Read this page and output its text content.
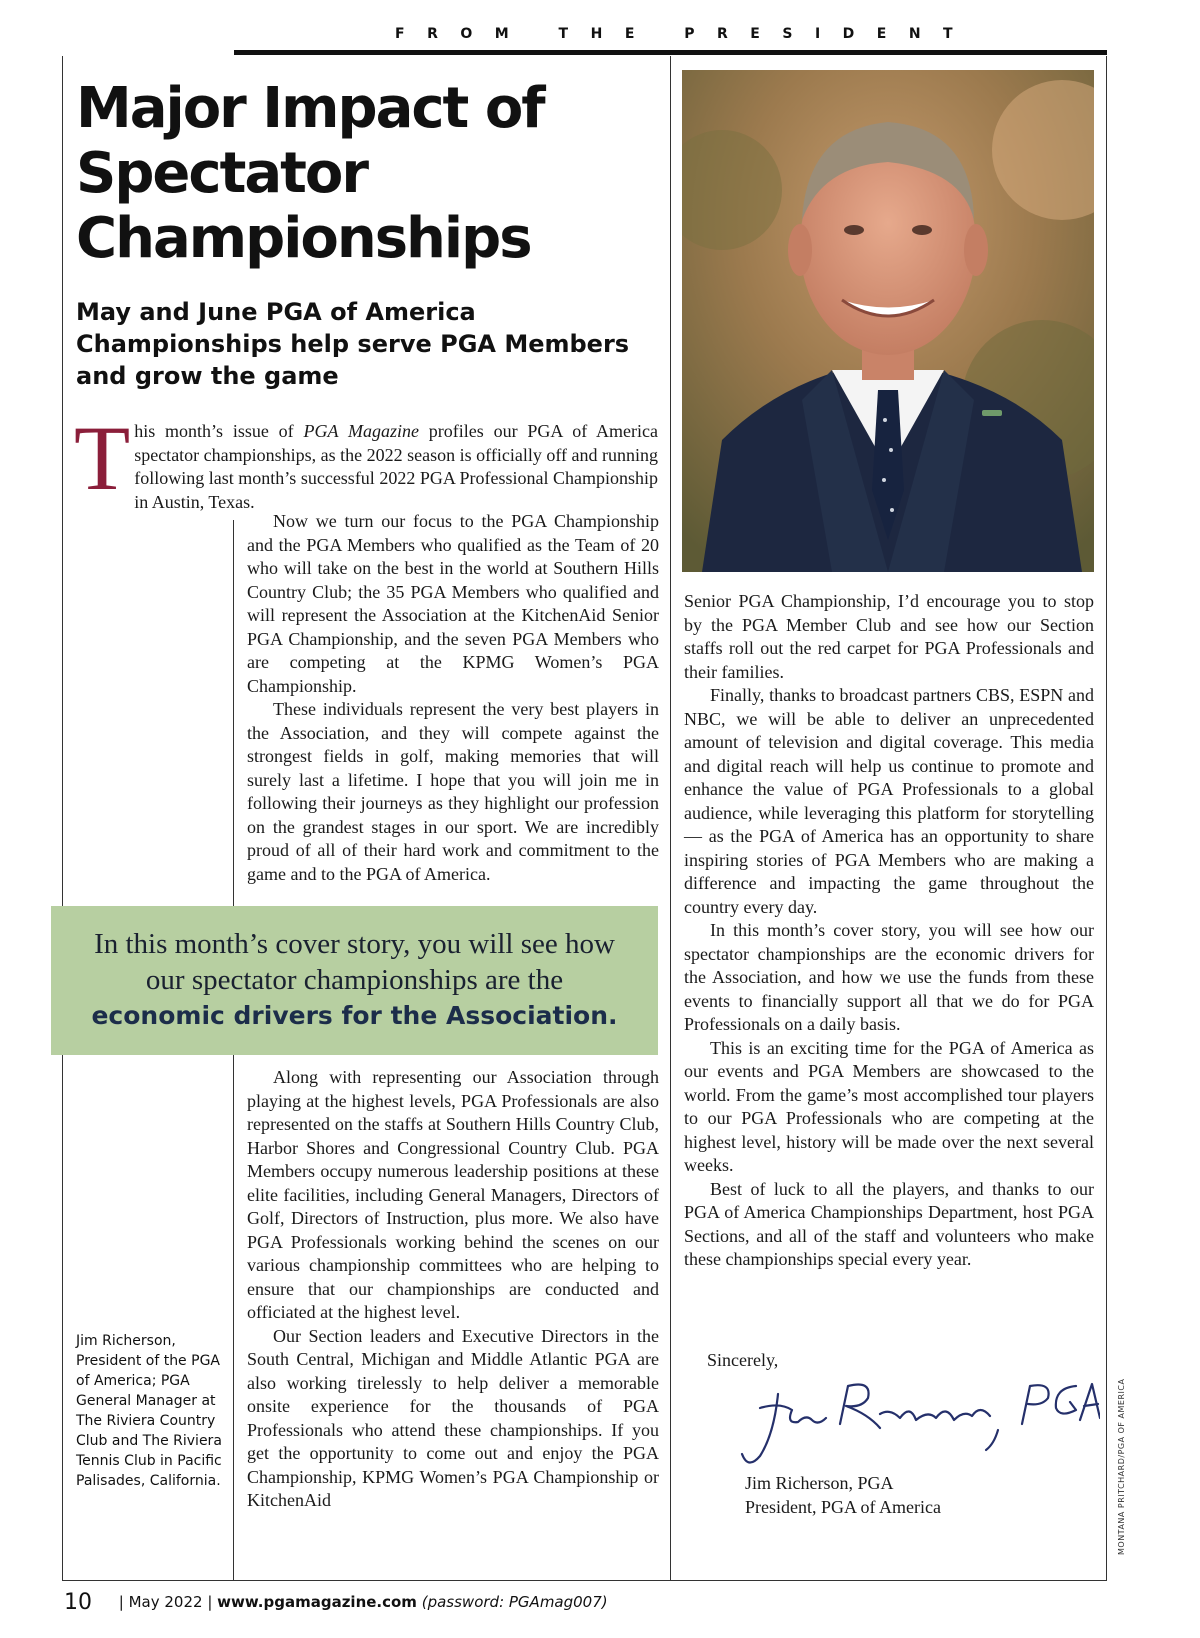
FROM THE PRESIDENT
Major Impact of Spectator Championships
May and June PGA of America Championships help serve PGA Members and grow the game
This month’s issue of PGA Magazine profiles our PGA of America spectator championships, as the 2022 season is officially off and running following last month’s successful 2022 PGA Professional Championship in Austin, Texas.

Now we turn our focus to the PGA Championship and the PGA Members who qualified as the Team of 20 who will take on the best in the world at Southern Hills Country Club; the 35 PGA Members who qualified and will represent the Association at the KitchenAid Senior PGA Championship, and the seven PGA Members who are competing at the KPMG Women’s PGA Championship.

These individuals represent the very best players in the Association, and they will compete against the strongest fields in golf, making memories that will surely last a lifetime. I hope that you will join me in following their journeys as they highlight our profession on the grandest stages in our sport. We are incredibly proud of all of their hard work and commitment to the game and to the PGA of America.

In this month’s cover story, you will see how
our spectator championships are the
economic drivers for the Association.

Along with representing our Association through playing at the highest levels, PGA Professionals are also represented on the staffs at Southern Hills Country Club, Harbor Shores and Congressional Country Club. PGA Members occupy numerous leadership positions at these elite facilities, including General Managers, Directors of Golf, Directors of Instruction, plus more. We also have PGA Professionals working behind the scenes on our various championship committees who are helping to ensure that our championships are conducted and officiated at the highest level.

Our Section leaders and Executive Directors in the South Central, Michigan and Middle Atlantic PGA are also working tirelessly to help deliver a memorable onsite experience for the thousands of PGA Professionals who attend these championships. If you get the opportunity to come out and enjoy the PGA Championship, KPMG Women’s PGA Championship or KitchenAid

Senior PGA Championship, I’d encourage you to stop by the PGA Member Club and see how our Section staffs roll out the red carpet for PGA Professionals and their families.

Finally, thanks to broadcast partners CBS, ESPN and NBC, we will be able to deliver an unprecedented amount of television and digital coverage. This media and digital reach will help us continue to promote and enhance the value of PGA Professionals to a global audience, while leveraging this platform for storytelling — as the PGA of America has an opportunity to share inspiring stories of PGA Members who are making a difference and impacting the game throughout the country every day.

In this month’s cover story, you will see how our spectator championships are the economic drivers for the Association, and how we use the funds from these events to financially support all that we do for PGA Professionals on a daily basis.

This is an exciting time for the PGA of America as our events and PGA Members are showcased to the world. From the game’s most accomplished tour players to our PGA Professionals who are competing at the highest level, history will be made over the next several weeks.

Best of luck to all the players, and thanks to our PGA of America Championships Department, host PGA Sections, and all of the staff and volunteers who make these championships special every year.

Sincerely,
Jim Richerson, PGA
President, PGA of America
Jim Richerson, President of the PGA of America; PGA General Manager at The Riviera Country Club and The Riviera Tennis Club in Pacific Palisades, California.	MONTANA PRITCHARD/PGA OF AMERICA
10 | May 2022 | www.pgamagazine.com (password: PGAmag007)
